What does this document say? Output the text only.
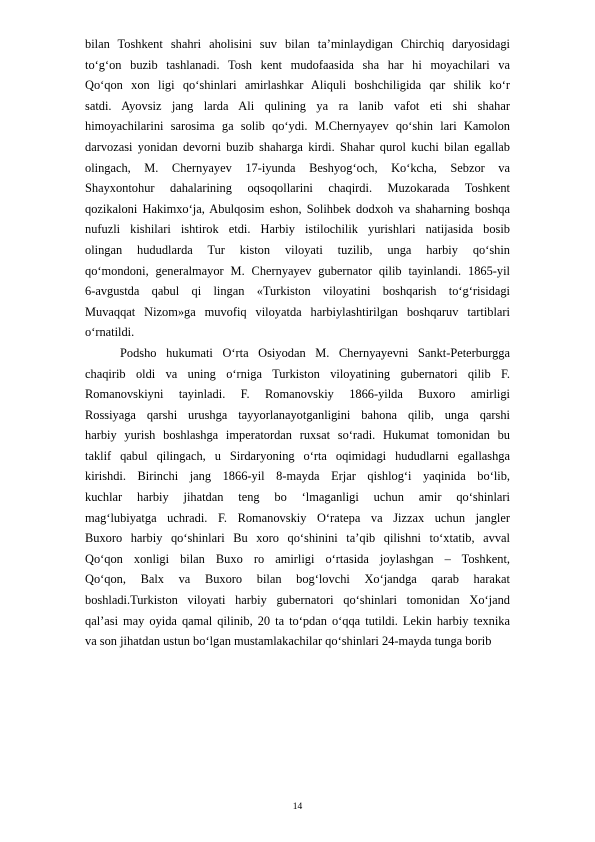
bilan Toshkent shahri aholisini suv bilan ta’minlaydigan Chirchiq daryosidagi
to‘g‘on buzib tashlanadi. Tosh kent mudofaasida sha har hi moyachilari va
Qo‘qon xon ligi qo‘shinlari amirlashkar Aliquli boshchiligida qar shilik ko‘r
satdi. Ayovsiz jang larda Ali qulining ya ra lanib vafot eti shi shahar
himoyachilarini sarosima ga solib qo‘ydi. M.Chernyayev qo‘shin lari Kamolon
darvozasi yonidan devorni buzib shaharga kirdi. Shahar qurol kuchi bilan egallab
olingach, M. Chernyayev 17-iyunda Beshyog‘och, Ko‘kcha, Sebzor va
Shayxontohur dahalarining oqsoqollarini chaqirdi. Muzokarada Toshkent
qozikaloni Hakimxo‘ja, Abulqosim eshon, Solihbek dodxoh va shaharning boshqa
nufuzli kishilari ishtirok etdi. Harbiy istilochilik yurishlari natijasida bosib
olingan hududlarda Tur kiston viloyati tuzilib, unga harbiy qo‘shin
qo‘mondoni, generalmayor M. Chernyayev gubernator qilib tayinlandi. 1865-yil
6-avgustda qabul qi lingan «Turkiston viloyatini boshqarish to‘g‘risidagi
Muvaqqat Nizom»ga muvofiq viloyatda harbiylashtirilgan boshqaruv tartiblari
o‘rnatildi.
Podsho hukumati O‘rta Osiyodan M. Chernyayevni Sankt-Peterburgga
chaqirib oldi va uning o‘rniga Turkiston viloyatining gubernatori qilib F.
Romanovskiyni tayinladi. F. Romanovskiy 1866-yilda Buxoro amirligi
Rossiyaga qarshi urushga tayyorlanayotganligini bahona qilib, unga qarshi
harbiy yurish boshlashga imperatordan ruxsat so‘radi. Hukumat tomonidan bu
taklif qabul qilingach, u Sirdaryoning o‘rta oqimidagi hududlarni egallashga
kirishdi. Birinchi jang 1866-yil 8-mayda Erjar qishlog‘i yaqinida bo‘lib,
kuchlar harbiy jihatdan teng bo ‘lmaganligi uchun amir qo‘shinlari
mag‘lubiyatga uchradi. F. Romanovskiy O‘ratepa va Jizzax uchun jangler
Buxoro harbiy qo‘shinlari Bu xoro qo‘shinini ta’qib qilishni to‘xtatib, avval
Qo‘qon xonligi bilan Buxo ro amirligi o‘rtasida joylashgan – Toshkent,
Qo‘qon, Balx va Buxoro bilan bog‘lovchi Xo‘jandga qarab harakat
boshladi.Turkiston viloyati harbiy gubernatori qo‘shinlari tomonidan Xo‘jand
qal’asi may oyida qamal qilinib, 20 ta to‘pdan o‘qqa tutildi. Lekin harbiy texnika
va son jihatdan ustun bo‘lgan mustamlakachilar qo‘shinlari 24-mayda tunga borib
14
